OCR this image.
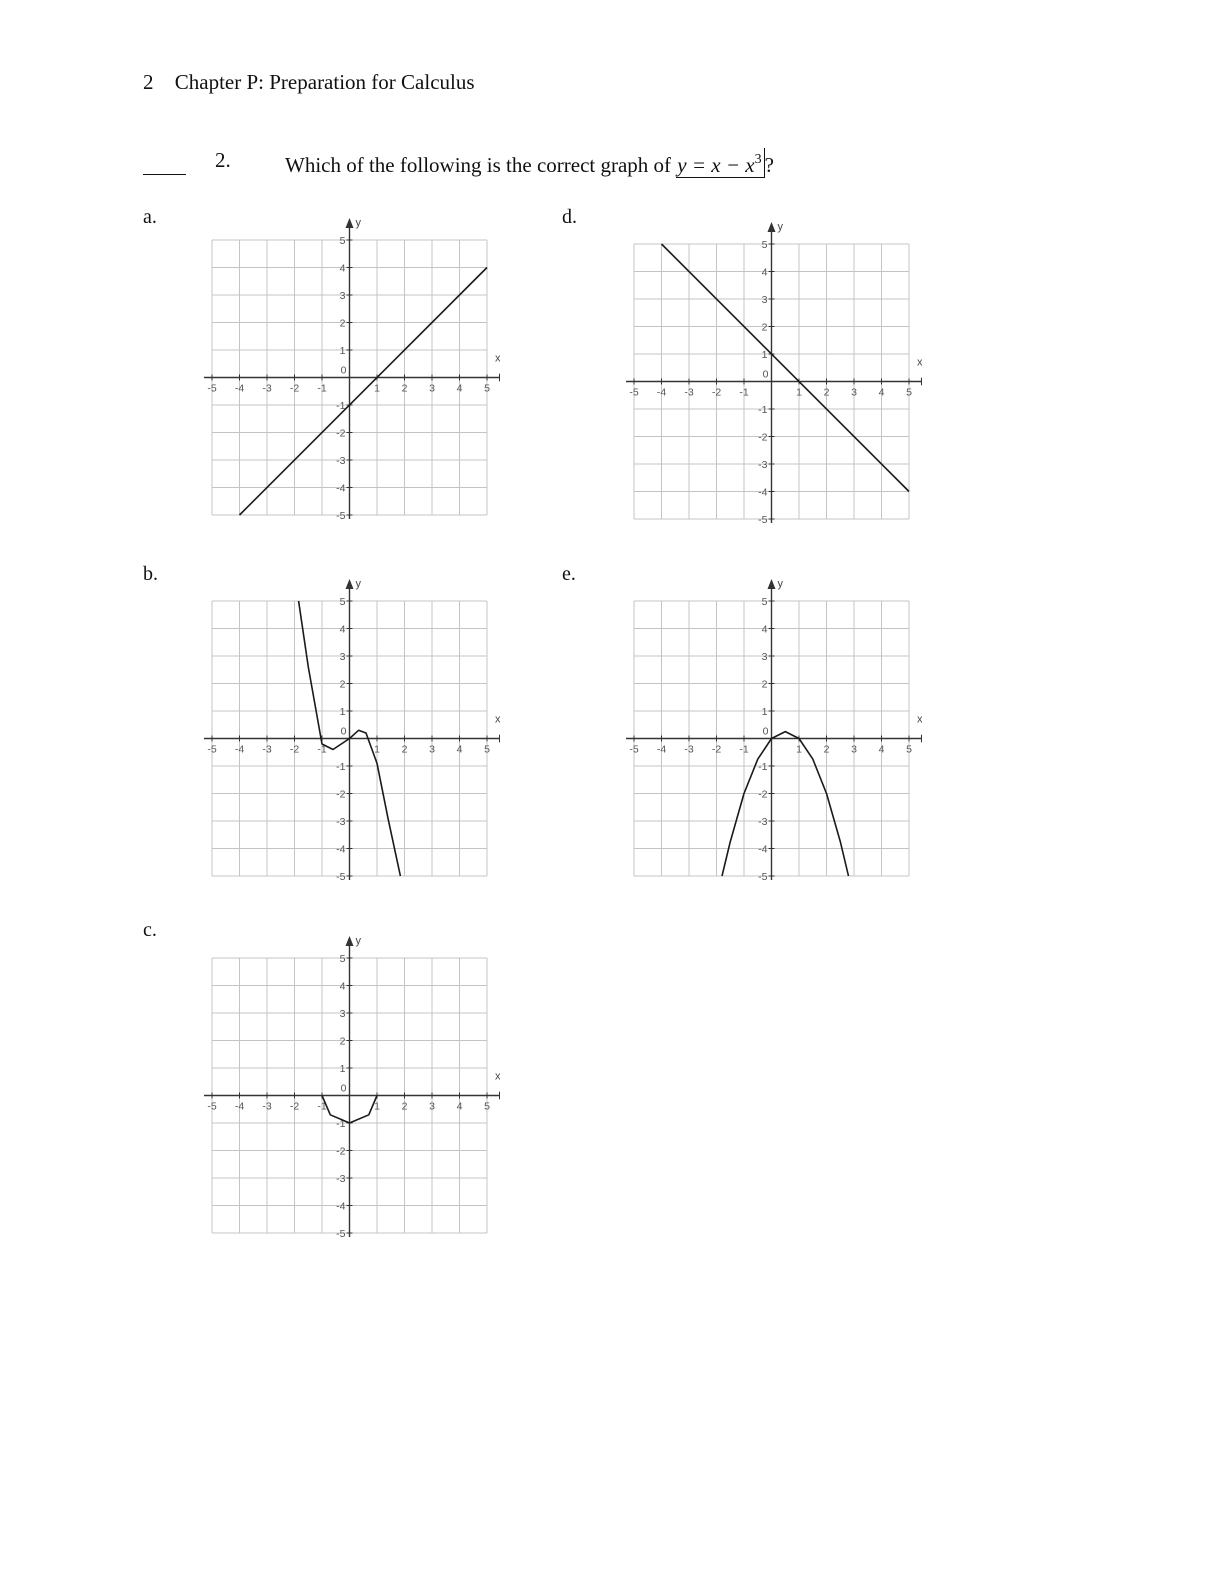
2 Chapter P: Preparation for Calculus
2.	Which of the following is the correct graph of $y = x - x^3$ ?
a.
b.
c.
d.
e.
x
y
-5
-4
-3
-2
-1
1
2
3
4
5
-5 -4 -3 -2 -1
0
1 2 3 4 5
x
y
-5
-4
-3
-2
-1
1
2
3
4
5
-5 -4 -3 -2 -1
0
1 2 3 4 5
x
y
-5
-4
-3
-2
-1
1
2
3
4
5
-5 -4 -3 -2 -1
0
1 2 3 4 5
x
y
-5
-4
-3
-2
-1
1
2
3
4
5
-5 -4 -3 -2 -1
0
1 2 3 4 5
x
y
-5
-4
-3
-2
-1
1
2
3
4
5
-5 -4 -3 -2 -1
0
1 2 3 4 5
